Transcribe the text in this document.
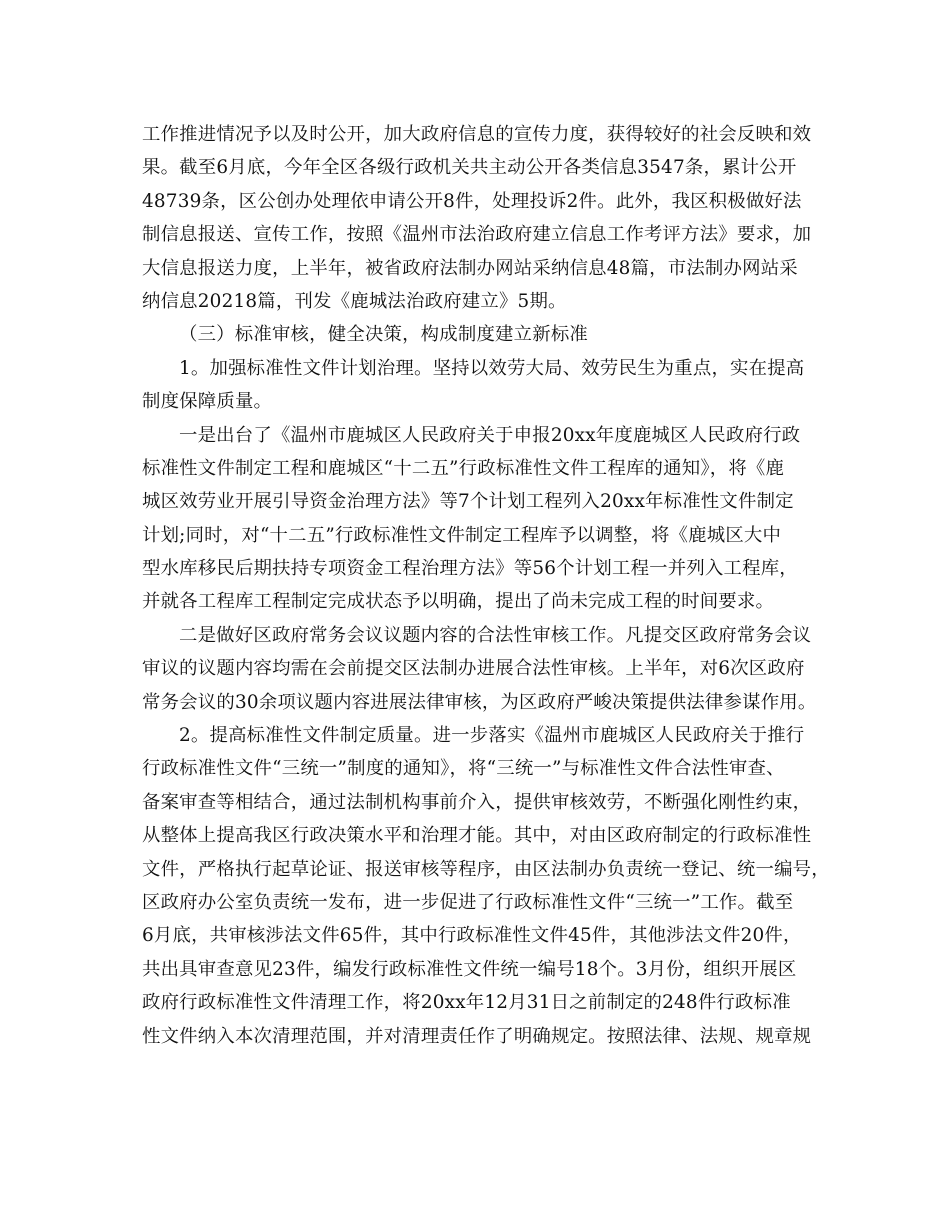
工作推进情况予以及时公开，加大政府信息的宣传力度，获得较好的社会反映和效
果。截至6月底，今年全区各级行政机关共主动公开各类信息3547条，累计公开
48739条，区公创办处理依申请公开8件，处理投诉2件。此外，我区积极做好法
制信息报送、宣传工作，按照《温州市法治政府建立信息工作考评方法》要求，加
大信息报送力度，上半年，被省政府法制办网站采纳信息48篇，市法制办网站采
纳信息20218篇，刊发《鹿城法治政府建立》5期。
（三）标准审核，健全决策，构成制度建立新标准
1。加强标准性文件计划治理。坚持以效劳大局、效劳民生为重点，实在提高
制度保障质量。
一是出台了《温州市鹿城区人民政府关于申报20xx年度鹿城区人民政府行政
标准性文件制定工程和鹿城区“十二五”行政标准性文件工程库的通知》，将《鹿
城区效劳业开展引导资金治理方法》等7个计划工程列入20xx年标准性文件制定
计划;同时，对“十二五”行政标准性文件制定工程库予以调整，将《鹿城区大中
型水库移民后期扶持专项资金工程治理方法》等56个计划工程一并列入工程库，
并就各工程库工程制定完成状态予以明确，提出了尚未完成工程的时间要求。
二是做好区政府常务会议议题内容的合法性审核工作。凡提交区政府常务会议
审议的议题内容均需在会前提交区法制办进展合法性审核。上半年，对6次区政府
常务会议的30余项议题内容进展法律审核，为区政府严峻决策提供法律参谋作用。
2。提高标准性文件制定质量。进一步落实《温州市鹿城区人民政府关于推行
行政标准性文件“三统一”制度的通知》，将“三统一”与标准性文件合法性审查、
备案审查等相结合，通过法制机构事前介入，提供审核效劳，不断强化刚性约束，
从整体上提高我区行政决策水平和治理才能。其中，对由区政府制定的行政标准性
文件，严格执行起草论证、报送审核等程序，由区法制办负责统一登记、统一编号，
区政府办公室负责统一发布，进一步促进了行政标准性文件“三统一”工作。截至
6月底，共审核涉法文件65件，其中行政标准性文件45件，其他涉法文件20件，
共出具审查意见23件，编发行政标准性文件统一编号18个。3月份，组织开展区
政府行政标准性文件清理工作，将20xx年12月31日之前制定的248件行政标准
性文件纳入本次清理范围，并对清理责任作了明确规定。按照法律、法规、规章规
